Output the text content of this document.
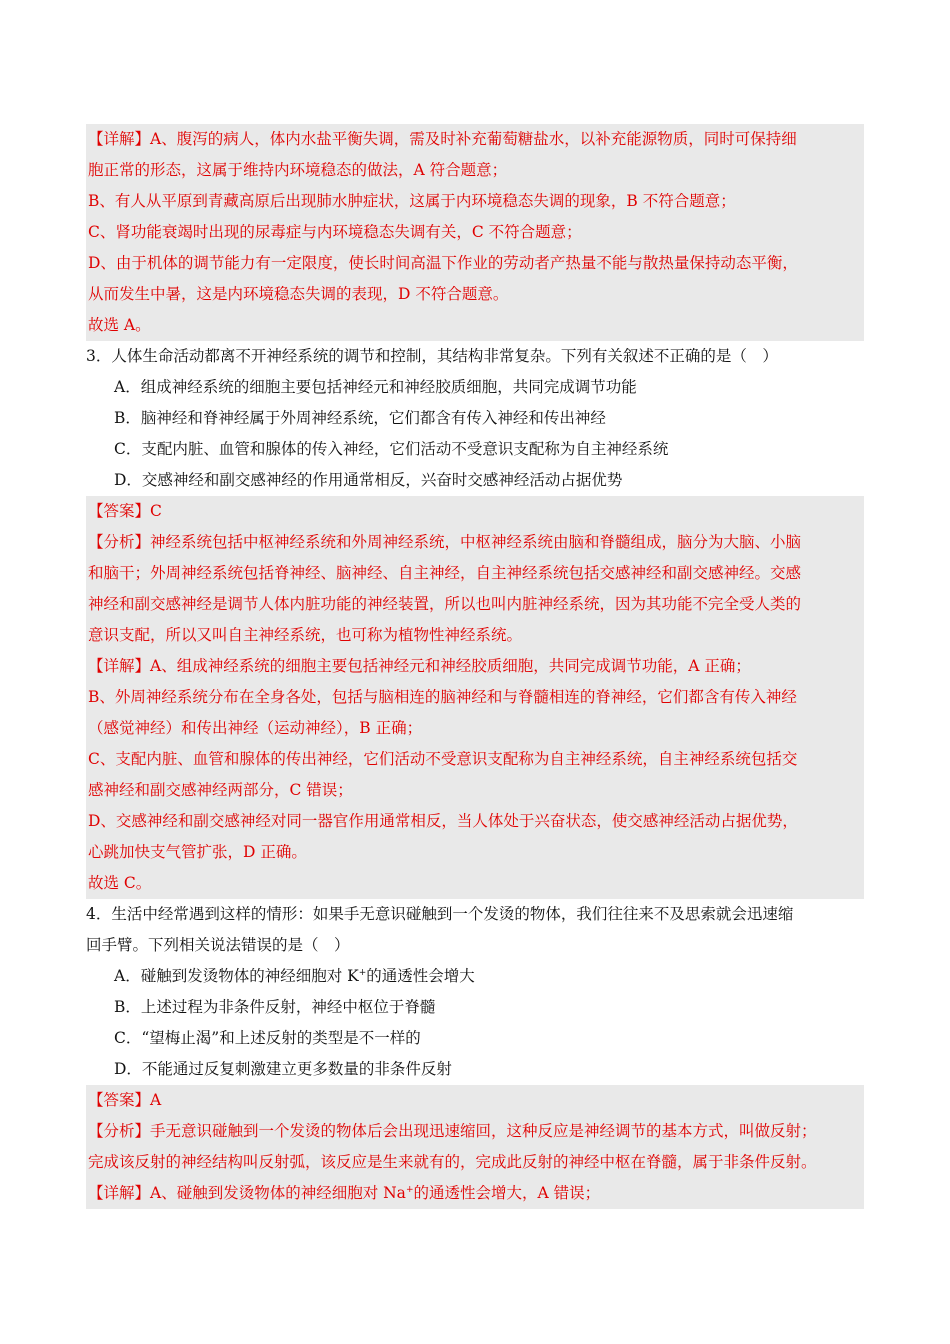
【详解】A、腹泻的病人，体内水盐平衡失调，需及时补充葡萄糖盐水，以补充能源物质，同时可保持细
胞正常的形态，这属于维持内环境稳态的做法，A 符合题意；
B、有人从平原到青藏高原后出现肺水肿症状，这属于内环境稳态失调的现象，B 不符合题意；
C、肾功能衰竭时出现的尿毒症与内环境稳态失调有关，C 不符合题意；
D、由于机体的调节能力有一定限度，使长时间高温下作业的劳动者产热量不能与散热量保持动态平衡，
从而发生中暑，这是内环境稳态失调的表现，D 不符合题意。
故选 A。
3．人体生命活动都离不开神经系统的调节和控制，其结构非常复杂。下列有关叙述不正确的是（　）
A．组成神经系统的细胞主要包括神经元和神经胶质细胞，共同完成调节功能
B．脑神经和脊神经属于外周神经系统，它们都含有传入神经和传出神经
C．支配内脏、血管和腺体的传入神经，它们活动不受意识支配称为自主神经系统
D．交感神经和副交感神经的作用通常相反，兴奋时交感神经活动占据优势
【答案】C
【分析】神经系统包括中枢神经系统和外周神经系统，中枢神经系统由脑和脊髓组成，脑分为大脑、小脑
和脑干；外周神经系统包括脊神经、脑神经、自主神经，自主神经系统包括交感神经和副交感神经。交感
神经和副交感神经是调节人体内脏功能的神经装置，所以也叫内脏神经系统，因为其功能不完全受人类的
意识支配，所以又叫自主神经系统，也可称为植物性神经系统。
【详解】A、组成神经系统的细胞主要包括神经元和神经胶质细胞，共同完成调节功能，A 正确；
B、外周神经系统分布在全身各处，包括与脑相连的脑神经和与脊髓相连的脊神经，它们都含有传入神经
（感觉神经）和传出神经（运动神经），B 正确；
C、支配内脏、血管和腺体的传出神经，它们活动不受意识支配称为自主神经系统，自主神经系统包括交
感神经和副交感神经两部分，C 错误；
D、交感神经和副交感神经对同一器官作用通常相反，当人体处于兴奋状态，使交感神经活动占据优势，
心跳加快支气管扩张，D 正确。
故选 C。
4．生活中经常遇到这样的情形：如果手无意识碰触到一个发烫的物体，我们往往来不及思索就会迅速缩
回手臂。下列相关说法错误的是（　）
A．碰触到发烫物体的神经细胞对 K+的通透性会增大
B．上述过程为非条件反射，神经中枢位于脊髓
C．“望梅止渴”和上述反射的类型是不一样的
D．不能通过反复刺激建立更多数量的非条件反射
【答案】A
【分析】手无意识碰触到一个发烫的物体后会出现迅速缩回，这种反应是神经调节的基本方式，叫做反射；
完成该反射的神经结构叫反射弧，该反应是生来就有的，完成此反射的神经中枢在脊髓，属于非条件反射。
【详解】A、碰触到发烫物体的神经细胞对 Na+的通透性会增大，A 错误；
